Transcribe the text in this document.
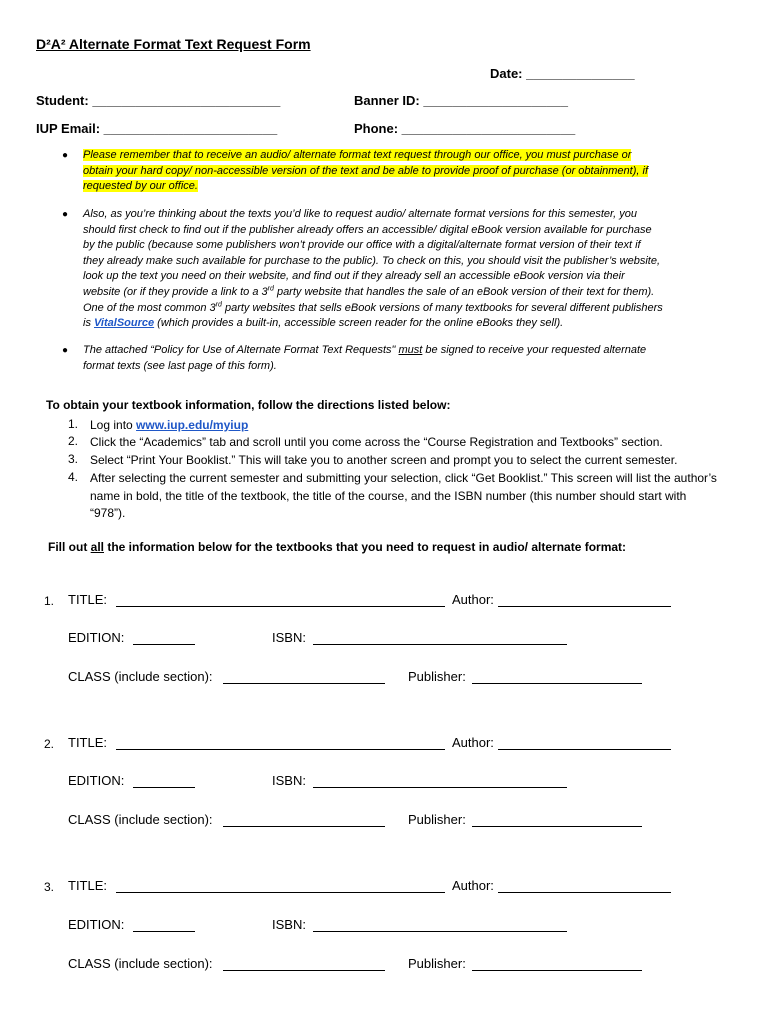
D²A² Alternate Format Text Request Form
Date: _______________
Student: __________________________	Banner ID: ____________________
IUP Email: ________________________	Phone: ________________________
● Please remember that to receive an audio/ alternate format text request through our office, you must purchase or
obtain your hard copy/ non-accessible version of the text and be able to provide proof of purchase (or obtainment), if
requested by our office.
● Also, as you’re thinking about the texts you’d like to request audio/ alternate format versions for this semester, you
should first check to find out if the publisher already offers an accessible/ digital eBook version available for purchase
by the public (because some publishers won’t provide our office with a digital/alternate format version of their text if
they already make such available for purchase to the public). To check on this, you should visit the publisher’s website,
look up the text you need on their website, and find out if they already sell an accessible eBook version via their
website (or if they provide a link to a 3rd party website that handles the sale of an eBook version of their text for them).
One of the most common 3rd party websites that sells eBook versions of many textbooks for several different publishers
is VitalSource (which provides a built-in, accessible screen reader for the online eBooks they sell).
● The attached “Policy for Use of Alternate Format Text Requests" must be signed to receive your requested alternate
format texts (see last page of this form).
To obtain your textbook information, follow the directions listed below:
1. Log into www.iup.edu/myiup
2. Click the “Academics” tab and scroll until you come across the “Course Registration and Textbooks” section.
3. Select “Print Your Booklist.” This will take you to another screen and prompt you to select the current semester.
4. After selecting the current semester and submitting your selection, click “Get Booklist.” This screen will list the author’s
name in bold, the title of the textbook, the title of the course, and the ISBN number (this number should start with
“978”).
Fill out all the information below for the textbooks that you need to request in audio/ alternate format:
1. TITLE:	Author:
EDITION:	ISBN:
CLASS (include section):	Publisher:
2. TITLE:	Author:
EDITION:	ISBN:
CLASS (include section):	Publisher:
3. TITLE:	Author:
EDITION:	ISBN:
CLASS (include section):	Publisher:
